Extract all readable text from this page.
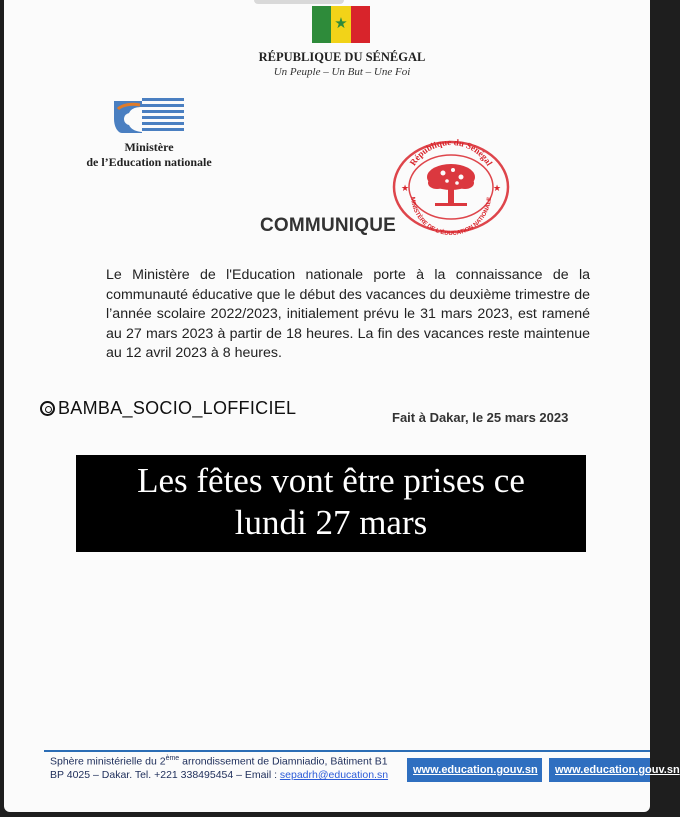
★
RÉPUBLIQUE DU SÉNÉGAL
Un Peuple – Un But – Une Foi
Ministère
de l’Education nationale	République du Sénégal
MINISTÈRE DE L'ÉDUCATION NATIONALE
★	★
COMMUNIQUE
Le Ministère de l'Education nationale porte à la connaissance de la communauté éducative que le début des vacances du deuxième trimestre de l’année scolaire 2022/2023, initialement prévu le 31 mars 2023, est ramené au 27 mars 2023 à partir de 18 heures. La fin des vacances reste maintenue au 12 avril 2023 à 8 heures.
BAMBA_SOCIO_LOFFICIEL	Fait à Dakar, le 25 mars 2023
Les fêtes vont être prises ce
lundi 27 mars
Sphère ministérielle du 2ème arrondissement de Diamniadio, Bâtiment B1
BP 4025 – Dakar. Tel. +221 338495454 – Email : sepadrh@education.sn	www.education.gouv.sn	www.education.gouv.sn
